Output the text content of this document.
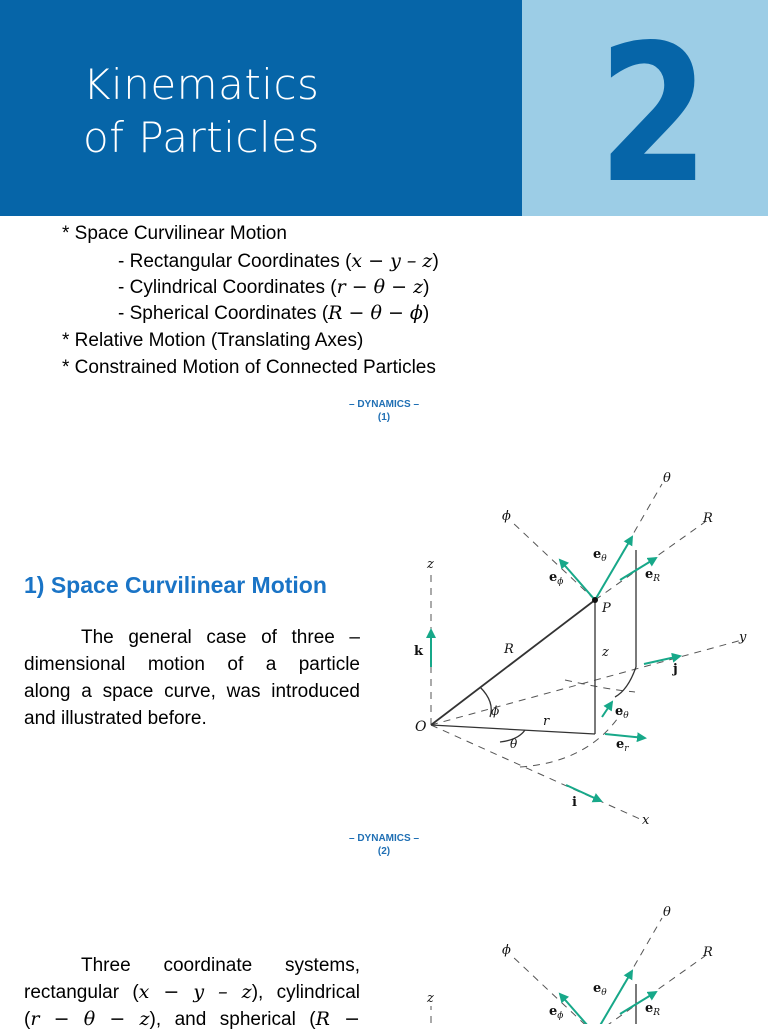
Kinematics
of Particles 2
* Space Curvilinear Motion
- Rectangular Coordinates (x − y – z)
- Cylindrical Coordinates (r − θ − z)
- Spherical Coordinates (R − θ − ϕ)
* Relative Motion (Translating Axes)
* Constrained Motion of Connected Particles
– DYNAMICS –
(1)
1) Space Curvilinear Motion
The general case of three –
dimensional motion of a particle
along a space curve, was introduced
and illustrated before.
θ
R
ϕ
z
y
x
P
R	z
ϕ
O	r
θ
k
j
i
$e_\theta$
$e_\phi$	$e_R$
$e_\theta$
$e_r$
– DYNAMICS –
(2)
Three coordinate systems,
rectangular (x − y – z), cylindrical
(r − θ − z), and spherical (R −
θ
R
ϕ
z
$e_\theta$
$e_\phi$	$e_R$
